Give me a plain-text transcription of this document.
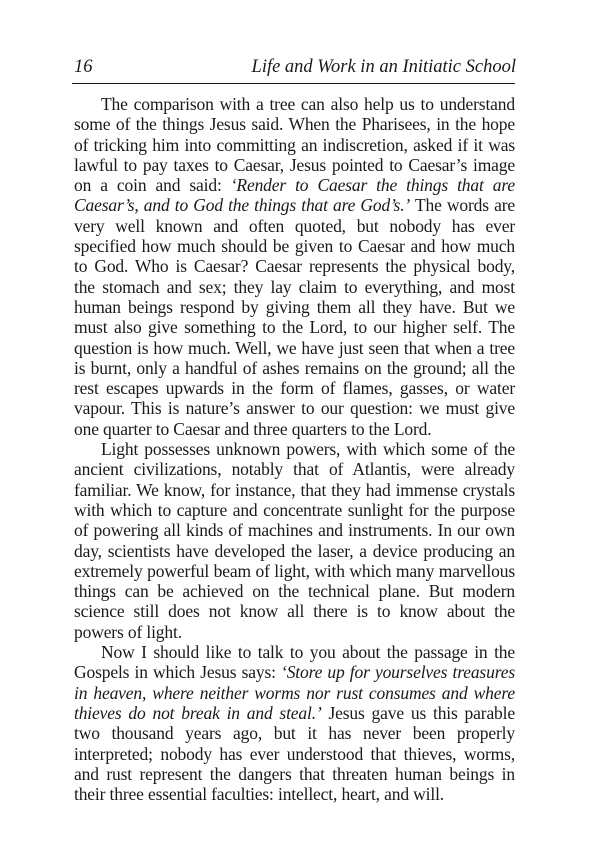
16	Life and Work in an Initiatic School

The comparison with a tree can also help us to understand some of the things Jesus said. When the Pharisees, in the hope of tricking him into committing an indiscretion, asked if it was lawful to pay taxes to Caesar, Jesus pointed to Caesar’s image on a coin and said: ‘Render to Caesar the things that are Caesar’s, and to God the things that are God’s.’ The words are very well known and often quoted, but nobody has ever specified how much should be given to Caesar and how much to God. Who is Caesar? Caesar represents the physical body, the stomach and sex; they lay claim to everything, and most human beings respond by giving them all they have. But we must also give something to the Lord, to our higher self. The question is how much. Well, we have just seen that when a tree is burnt, only a handful of ashes remains on the ground; all the rest escapes upwards in the form of flames, gasses, or water vapour. This is nature’s answer to our question: we must give one quarter to Caesar and three quarters to the Lord.

Light possesses unknown powers, with which some of the ancient civilizations, notably that of Atlantis, were already familiar. We know, for instance, that they had immense crystals with which to capture and concentrate sunlight for the purpose of powering all kinds of machines and instruments. In our own day, scientists have developed the laser, a device producing an extremely powerful beam of light, with which many marvellous things can be achieved on the technical plane. But modern science still does not know all there is to know about the powers of light.

Now I should like to talk to you about the passage in the Gospels in which Jesus says: ‘Store up for yourselves treasures in heaven, where neither worms nor rust consumes and where thieves do not break in and steal.’ Jesus gave us this parable two thousand years ago, but it has never been properly interpreted; nobody has ever understood that thieves, worms, and rust represent the dangers that threaten human beings in their three essential faculties: intellect, heart, and will.
